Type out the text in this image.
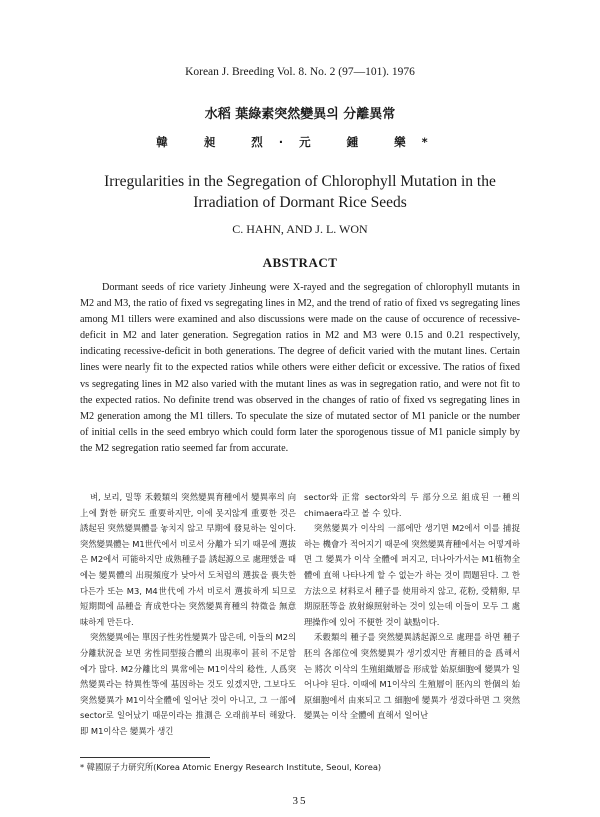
Korean J. Breeding Vol. 8. No. 2 (97—101). 1976
水稻 葉綠素突然變異의 分離異常
韓 昶 烈·元 鍾 樂*
Irregularities in the Segregation of Chlorophyll Mutation in the Irradiation of Dormant Rice Seeds
C. HAHN, AND J. L. WON
ABSTRACT
Dormant seeds of rice variety Jinheung were X-rayed and the segregation of chlorophyll mutants in M2 and M3, the ratio of fixed vs segregating lines in M2, and the trend of ratio of fixed vs segregating lines among M1 tillers were examined and also discussions were made on the cause of occurence of recessive-deficit in M2 and later generation. Segregation ratios in M2 and M3 were 0.15 and 0.21 respectively, indicating recessive-deficit in both generations. The degree of deficit varied with the mutant lines. Certain lines were nearly fit to the expected ratios while others were either deficit or excessive. The ratios of fixed vs segregating lines in M2 also varied with the mutant lines as was in segregation ratio, and were not fit to the expected ratios. No definite trend was observed in the changes of ratio of fixed vs segregating lines in M2 generation among the M1 tillers. To speculate the size of mutated sector of M1 panicle or the number of initial cells in the seed embryo which could form later the sporogenous tissue of M1 panicle simply by the M2 segregation ratio seemed far from accurate.

벼, 보리, 밀等 禾穀類의 突然變異育種에서 變異率의 向上에 對한 研究도 重要하지만, 이에 못지않게 重要한 것은 誘起된 突然變異體를 놓치지 않고 早期에 發見하는 일이다. 突然變異體는 M1世代에서 비로서 分離가 되기 때문에 選拔은 M2에서 可能하지만 成熟種子를 誘起源으로 處理했을 때에는 變異體의 出現頻度가 낮아서 도처럼의 選拔을 喪失한다든가 또는 M3, M4世代에 가서 비로서 選拔하게 되므로 短期間에 品種을 育成한다는 突然變異育種의 特徵을 無意味하게 만든다.

突然變異에는 單因子性劣性變異가 많은데, 이들의 M2의 分離狀況을 보면 劣性同型接合體의 出現率이 甚히 不足함에가 많다. M2分離比의 異常에는 M1이삭의 稔性, 人爲突然變異라는 特異性等에 基因하는 것도 있겠지만, 그보다도 突然變異가 M1이삭全體에 일어난 것이 아니고, 그 一部에 sector로 일어났기 때문이라는 推測은 오래前부터 해왔다. 即 M1이삭은 變異가 생긴

sector와 正常 sector와의 두 部分으로 組成된 一種의 chimaera라고 볼 수 있다.

突然變異가 이삭의 一部에만 생기면 M2에서 이를 捕捉하는 機會가 적어지기 때문에 突然變異育種에서는 어떻게하면 그 變異가 이삭 全體에 퍼지고, 더나아가서는 M1植物全體에 直해 나타나게 할 수 없는가 하는 것이 問題된다. 그 한 方法으로 材料로서 種子를 使用하지 않고, 花粉, 受精卵, 早期原胚等을 放射線照射하는 것이 있는데 이들이 모두 그 處理操作에 있어 不便한 것이 缺點이다.

禾穀類의 種子를 突然變異誘起源으로 處理를 하면 種子胚의 各部位에 突然變異가 생기겠지만 育種目的을 爲해서는 將次 이삭의 生殖組織層을 形成할 始原細胞에 變異가 일어나야 된다. 이때에 M1이삭의 生殖層이 胚內의 한個의 始原細胞에서 由來되고 그 細胞에 變異가 생겼다하면 그 突然變異는 이삭 全體에 直해서 일어난

* 韓國原子力研究所(Korea Atomic Energy Research Institute, Seoul, Korea)
35
